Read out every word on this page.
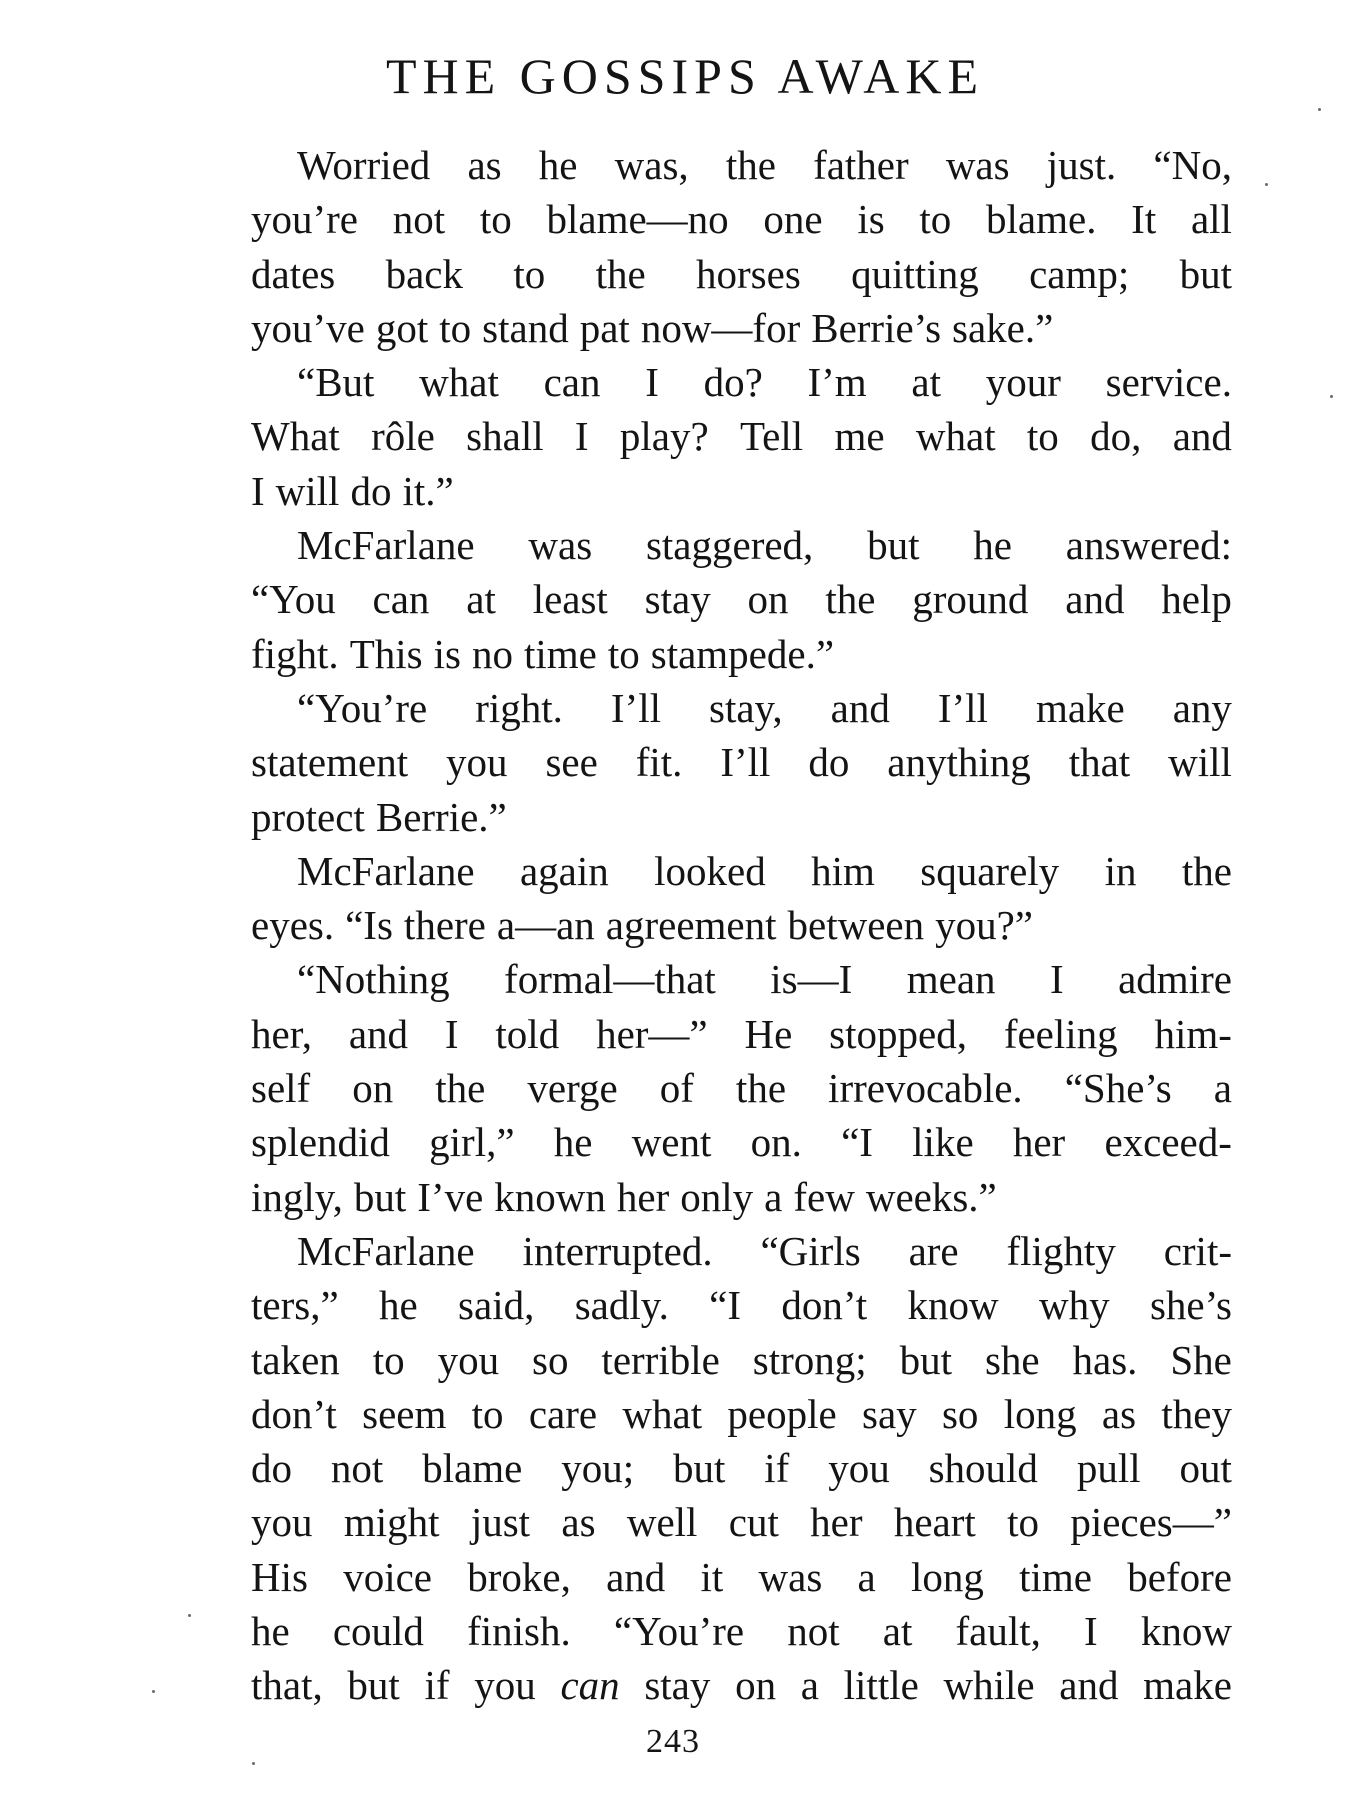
THE GOSSIPS AWAKE
Worried as he was, the father was just. “No,
you’re not to blame—no one is to blame. It all
dates back to the horses quitting camp; but
you’ve got to stand pat now—for Berrie’s sake.”
“But what can I do? I’m at your service.
What rôle shall I play? Tell me what to do, and
I will do it.”
McFarlane was staggered, but he answered:
“You can at least stay on the ground and help
fight. This is no time to stampede.”
“You’re right. I’ll stay, and I’ll make any
statement you see fit. I’ll do anything that will
protect Berrie.”
McFarlane again looked him squarely in the
eyes. “Is there a—an agreement between you?”
“Nothing formal—that is—I mean I admire
her, and I told her—” He stopped, feeling him-
self on the verge of the irrevocable. “She’s a
splendid girl,” he went on. “I like her exceed-
ingly, but I’ve known her only a few weeks.”
McFarlane interrupted. “Girls are flighty crit-
ters,” he said, sadly. “I don’t know why she’s
taken to you so terrible strong; but she has. She
don’t seem to care what people say so long as they
do not blame you; but if you should pull out
you might just as well cut her heart to pieces—”
His voice broke, and it was a long time before
he could finish. “You’re not at fault, I know
that, but if you can stay on a little while and make
243
